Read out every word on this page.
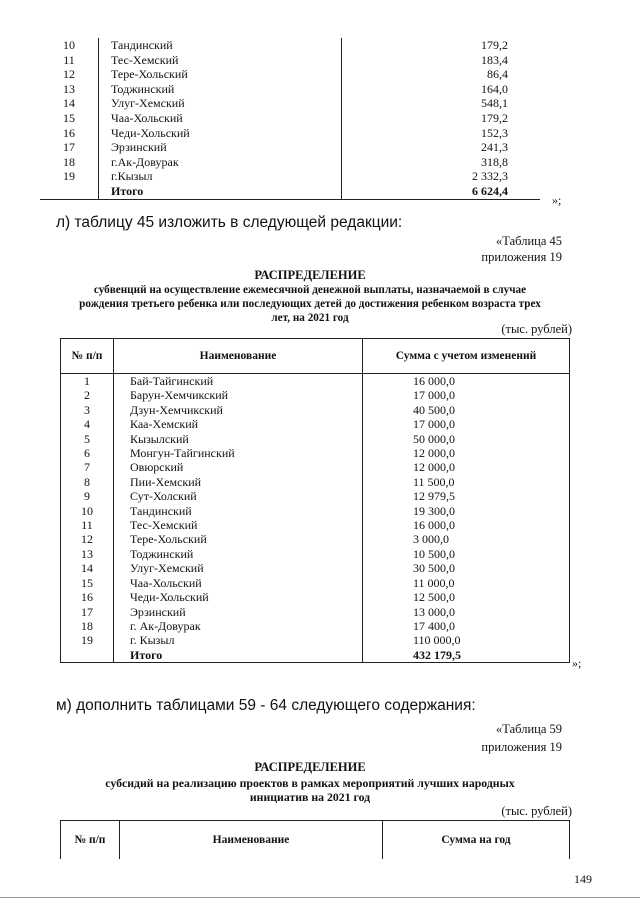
10	Тандинский	179,2
11	Тес-Хемский	183,4
12	Тере-Хольский	86,4
13	Тоджинский	164,0
14	Улуг-Хемский	548,1
15	Чаа-Хольский	179,2
16	Чеди-Хольский	152,3
17	Эрзинский	241,3
18	г.Ак-Довурак	318,8
19	г.Кызыл	2 332,3
	Итого	6 624,4
»;
л) таблицу 45 изложить в следующей редакции:
«Таблица 45
приложения 19
РАСПРЕДЕЛЕНИЕ
субвенций на осуществление ежемесячной денежной выплаты, назначаемой в случае
рождения третьего ребенка или последующих детей до достижения ребенком возраста трех
лет, на 2021 год
(тыс. рублей)
№ п/п	Наименование	Сумма с учетом изменений
1	Бай-Тайгинский	16 000,0
2	Барун-Хемчикский	17 000,0
3	Дзун-Хемчикский	40 500,0
4	Каа-Хемский	17 000,0
5	Кызылский	50 000,0
6	Монгун-Тайгинский	12 000,0
7	Овюрский	12 000,0
8	Пии-Хемский	11 500,0
9	Сут-Холский	12 979,5
10	Тандинский	19 300,0
11	Тес-Хемский	16 000,0
12	Тере-Хольский	3 000,0
13	Тоджинский	10 500,0
14	Улуг-Хемский	30 500,0
15	Чаа-Хольский	11 000,0
16	Чеди-Хольский	12 500,0
17	Эрзинский	13 000,0
18	г. Ак-Довурак	17 400,0
19	г. Кызыл	110 000,0
	Итого	432 179,5
»;
м) дополнить таблицами 59 - 64 следующего содержания:
«Таблица 59
приложения 19
РАСПРЕДЕЛЕНИЕ
субсидий на реализацию проектов в рамках мероприятий лучших народных
инициатив на 2021 год
(тыс. рублей)
№ п/п	Наименование	Сумма на год
149
